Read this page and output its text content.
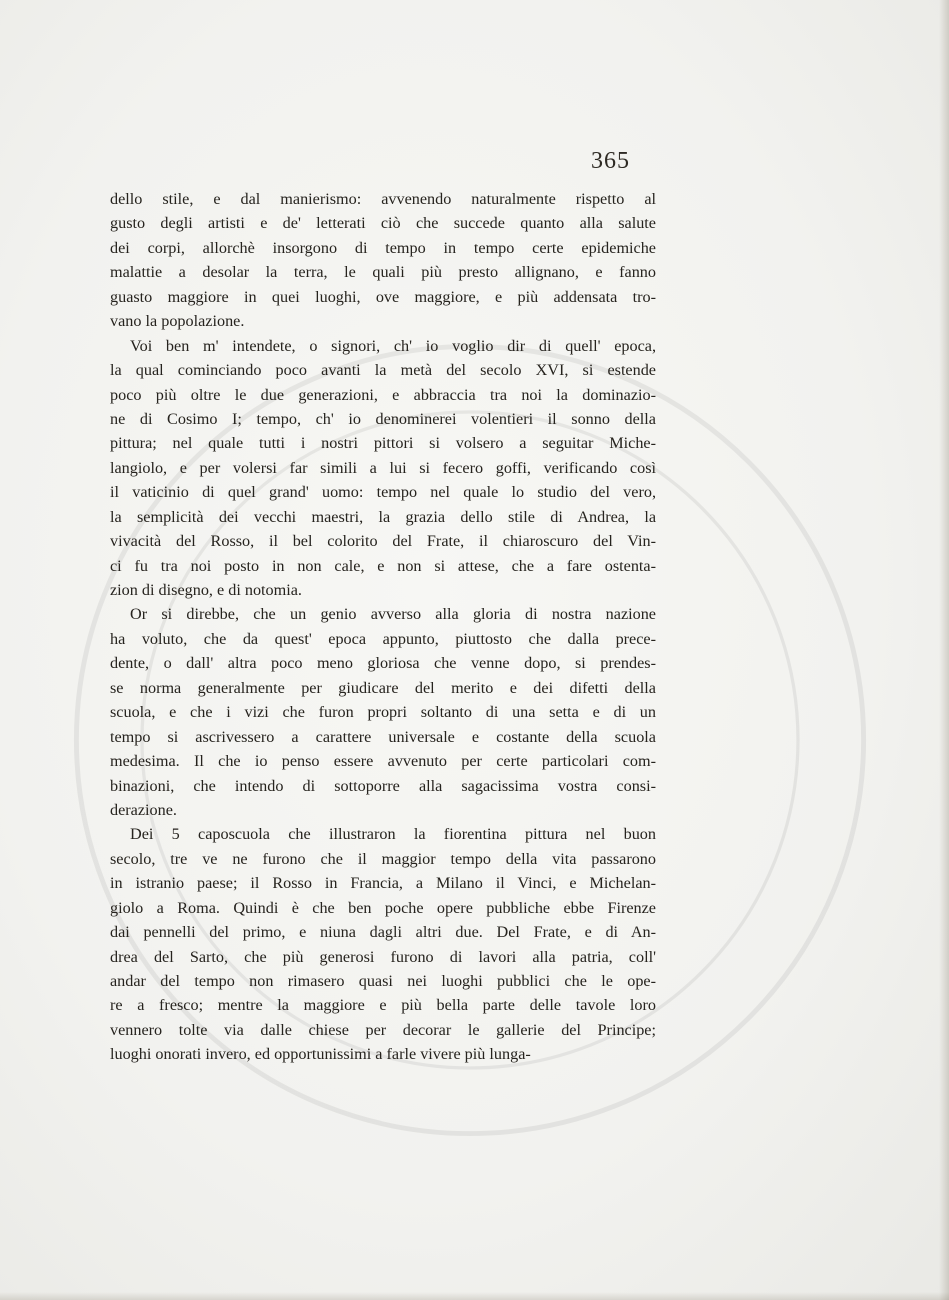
365
dello stile, e dal manierismo: avvenendo naturalmente rispetto al
gusto degli artisti e de' letterati ciò che succede quanto alla salute
dei corpi, allorchè insorgono di tempo in tempo certe epidemiche
malattie a desolar la terra, le quali più presto allignano, e fanno
guasto maggiore in quei luoghi, ove maggiore, e più addensata tro-
vano la popolazione.
Voi ben m' intendete, o signori, ch' io voglio dir di quell' epoca,
la qual cominciando poco avanti la metà del secolo XVI, si estende
poco più oltre le due generazioni, e abbraccia tra noi la dominazio-
ne di Cosimo I; tempo, ch' io denominerei volentieri il sonno della
pittura; nel quale tutti i nostri pittori si volsero a seguitar Miche-
langiolo, e per volersi far simili a lui si fecero goffi, verificando così
il vaticinio di quel grand' uomo: tempo nel quale lo studio del vero,
la semplicità dei vecchi maestri, la grazia dello stile di Andrea, la
vivacità del Rosso, il bel colorito del Frate, il chiaroscuro del Vin-
ci fu tra noi posto in non cale, e non si attese, che a fare ostenta-
zion di disegno, e di notomia.
Or si direbbe, che un genio avverso alla gloria di nostra nazione
ha voluto, che da quest' epoca appunto, piuttosto che dalla prece-
dente, o dall' altra poco meno gloriosa che venne dopo, si prendes-
se norma generalmente per giudicare del merito e dei difetti della
scuola, e che i vizi che furon propri soltanto di una setta e di un
tempo si ascrivessero a carattere universale e costante della scuola
medesima. Il che io penso essere avvenuto per certe particolari com-
binazioni, che intendo di sottoporre alla sagacissima vostra consi-
derazione.
Dei 5 caposcuola che illustraron la fiorentina pittura nel buon
secolo, tre ve ne furono che il maggior tempo della vita passarono
in istranio paese; il Rosso in Francia, a Milano il Vinci, e Michelan-
giolo a Roma. Quindi è che ben poche opere pubbliche ebbe Firenze
dai pennelli del primo, e niuna dagli altri due. Del Frate, e di An-
drea del Sarto, che più generosi furono di lavori alla patria, coll'
andar del tempo non rimasero quasi nei luoghi pubblici che le ope-
re a fresco; mentre la maggiore e più bella parte delle tavole loro
vennero tolte via dalle chiese per decorar le gallerie del Principe;
luoghi onorati invero, ed opportunissimi a farle vivere più lunga-
